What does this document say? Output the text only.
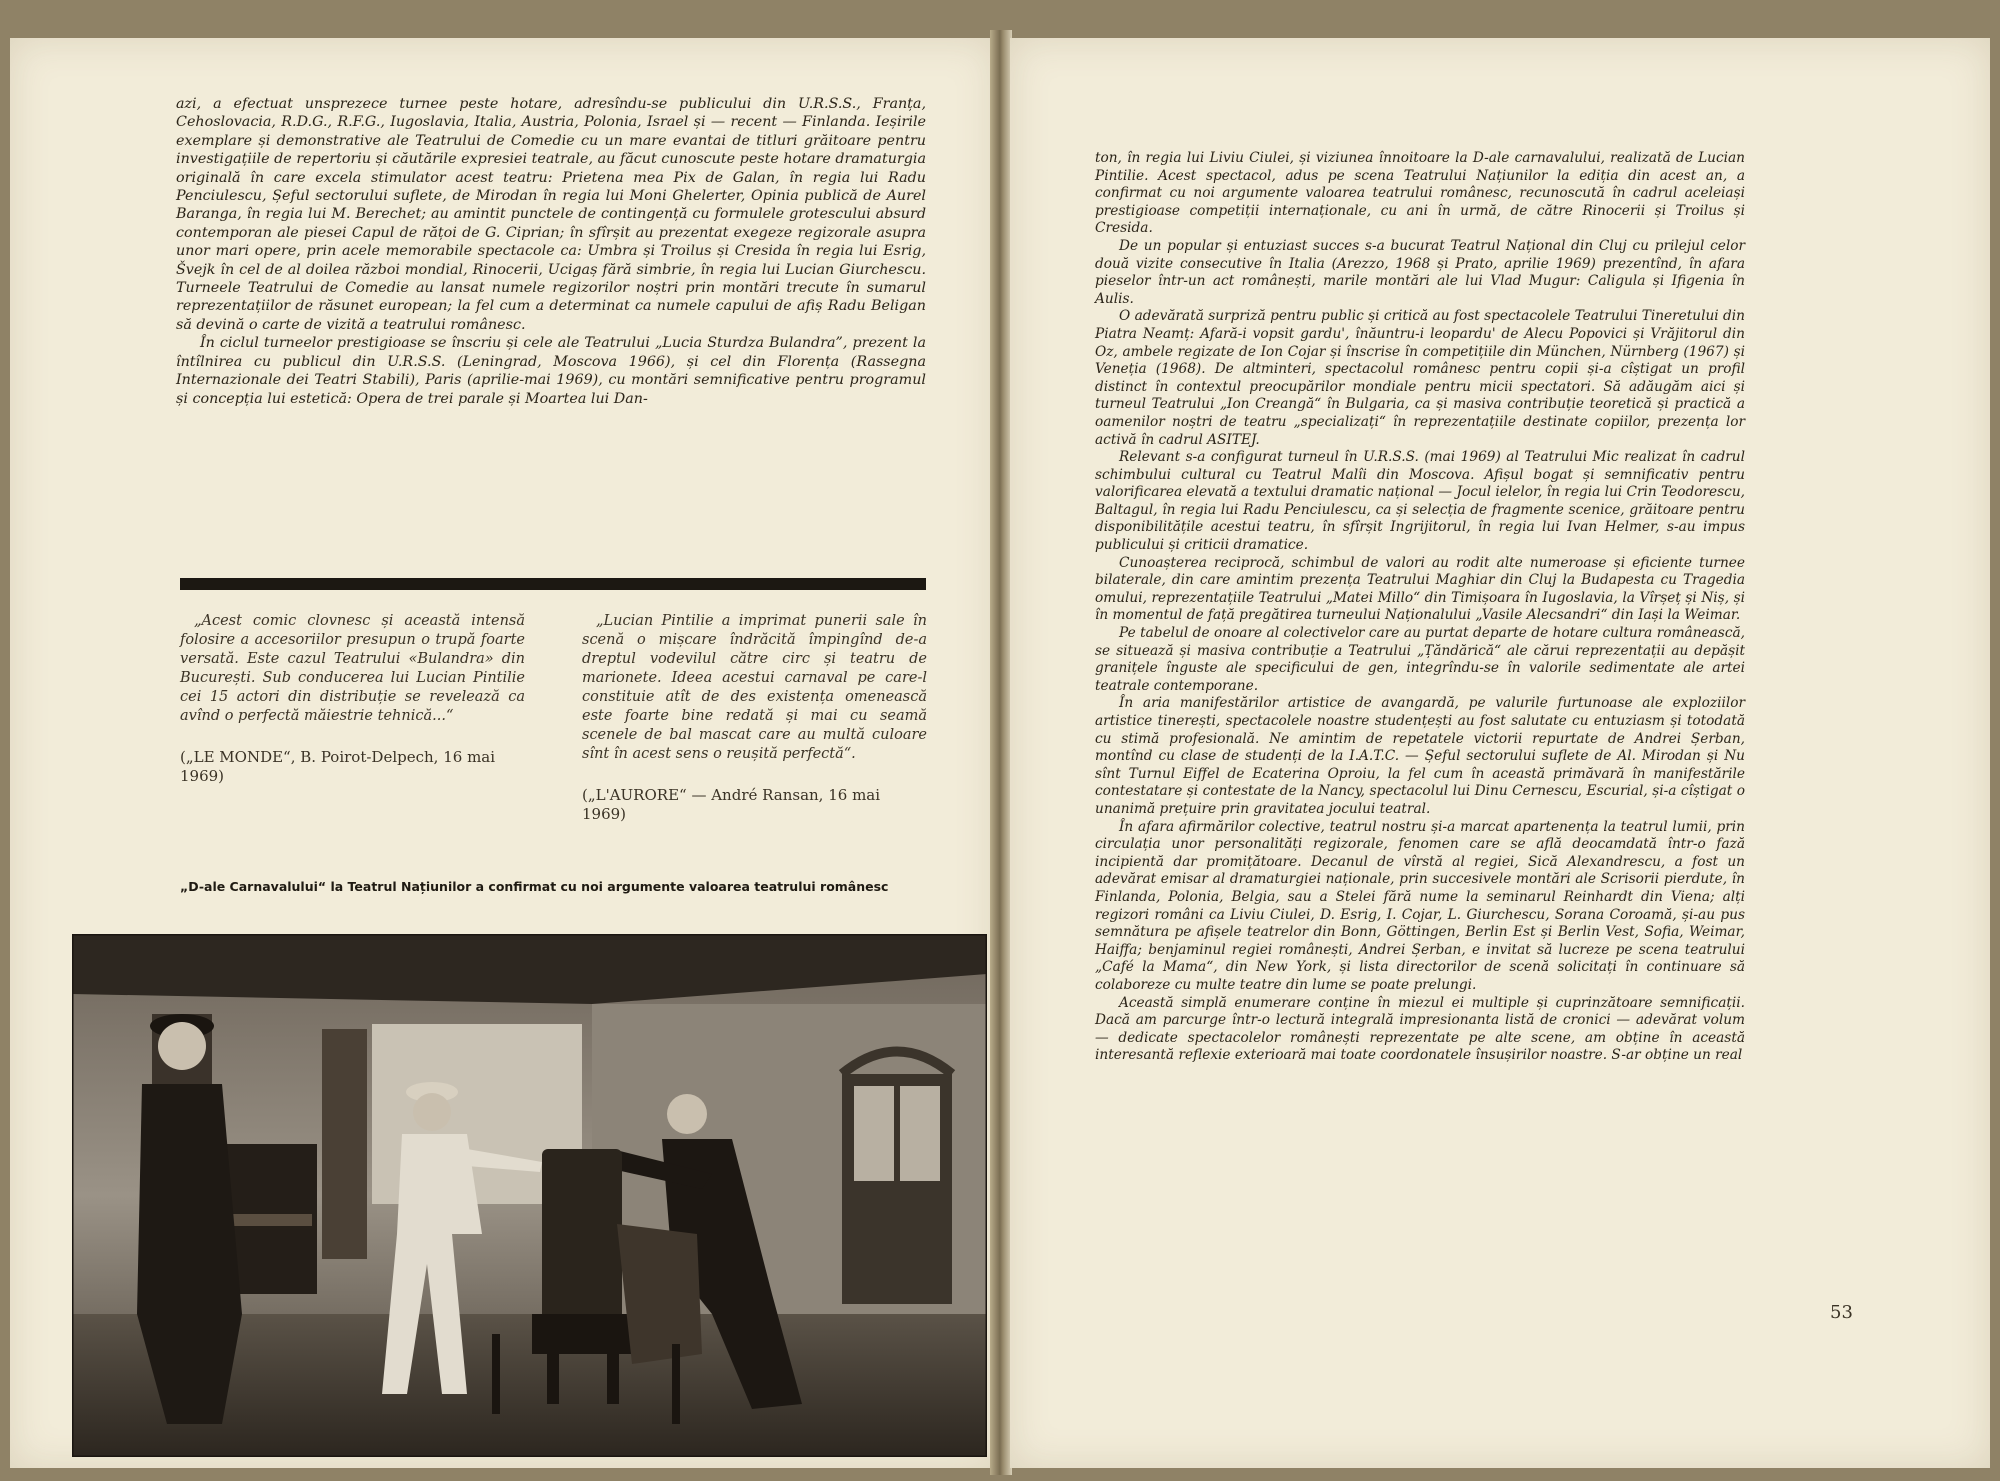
azi, a efectuat unsprezece turnee peste hotare, adresîndu-se publicului din U.R.S.S., Franța, Cehoslovacia, R.D.G., R.F.G., Iugoslavia, Italia, Austria, Polonia, Israel și — recent — Finlanda. Ieșirile exemplare și demonstrative ale Teatrului de Comedie cu un mare evantai de titluri grăitoare pentru investigațiile de repertoriu și căutările expresiei teatrale, au făcut cunoscute peste hotare dramaturgia originală în care excela stimulator acest teatru: Prietena mea Pix de Galan, în regia lui Radu Penciulescu, Șeful sectorului suflete, de Mirodan în regia lui Moni Ghelerter, Opinia publică de Aurel Baranga, în regia lui M. Berechet; au amintit punctele de contingență cu formulele grotescului absurd contemporan ale piesei Capul de rățoi de G. Ciprian; în sfîrșit au prezentat exegeze regizorale asupra unor mari opere, prin acele memorabile spectacole ca: Umbra și Troilus și Cresida în regia lui Esrig, Švejk în cel de al doilea război mondial, Rinocerii, Ucigaș fără simbrie, în regia lui Lucian Giurchescu. Turneele Teatrului de Comedie au lansat numele regizorilor noștri prin montări trecute în sumarul reprezentațiilor de răsunet european; la fel cum a determinat ca numele capului de afiș Radu Beligan să devină o carte de vizită a teatrului românesc.

În ciclul turneelor prestigioase se înscriu și cele ale Teatrului „Lucia Sturdza Bulandra”, prezent la întîlnirea cu publicul din U.R.S.S. (Leningrad, Moscova 1966), și cel din Florența (Rassegna Internazionale dei Teatri Stabili), Paris (aprilie-mai 1969), cu montări semnificative pentru programul și concepția lui estetică: Opera de trei parale și Moartea lui Dan-

„Acest comic clovnesc și această intensă folosire a accesoriilor presupun o trupă foarte versată. Este cazul Teatrului «Bulandra» din București. Sub conducerea lui Lucian Pintilie cei 15 actori din distribuție se revelează ca avînd o perfectă măiestrie tehnică...“

(„LE MONDE“, B. Poirot-Delpech, 16 mai 1969)

„Lucian Pintilie a imprimat punerii sale în scenă o mișcare îndrăcită împingînd de-a dreptul vodevilul către circ și teatru de marionete. Ideea acestui carnaval pe care-l constituie atît de des existența omenească este foarte bine redată și mai cu seamă scenele de bal mascat care au multă culoare sînt în acest sens o reușită perfectă“.

(„L'AURORE“ — André Ransan, 16 mai 1969)
„D-ale Carnavalului“ la Teatrul Națiunilor a confirmat cu noi argumente valoarea teatrului românesc

ton, în regia lui Liviu Ciulei, și viziunea înnoitoare la D-ale carnavalului, realizată de Lucian Pintilie. Acest spectacol, adus pe scena Teatrului Națiunilor la ediția din acest an, a confirmat cu noi argumente valoarea teatrului românesc, recunoscută în cadrul aceleiași prestigioase competiții internaționale, cu ani în urmă, de către Rinocerii și Troilus și Cresida.

De un popular și entuziast succes s-a bucurat Teatrul Național din Cluj cu prilejul celor două vizite consecutive în Italia (Arezzo, 1968 și Prato, aprilie 1969) prezentînd, în afara pieselor într-un act românești, marile montări ale lui Vlad Mugur: Caligula și Ifigenia în Aulis.

O adevărată surpriză pentru public și critică au fost spectacolele Teatrului Tineretului din Piatra Neamț: Afară-i vopsit gardu', înăuntru-i leopardu' de Alecu Popovici și Vrăjitorul din Oz, ambele regizate de Ion Cojar și înscrise în competițiile din München, Nürnberg (1967) și Veneția (1968). De altminteri, spectacolul românesc pentru copii și-a cîștigat un profil distinct în contextul preocupărilor mondiale pentru micii spectatori. Să adăugăm aici și turneul Teatrului „Ion Creangă“ în Bulgaria, ca și masiva contribuție teoretică și practică a oamenilor noștri de teatru „specializați“ în reprezentațiile destinate copiilor, prezența lor activă în cadrul ASITEJ.

Relevant s-a configurat turneul în U.R.S.S. (mai 1969) al Teatrului Mic realizat în cadrul schimbului cultural cu Teatrul Malîi din Moscova. Afișul bogat și semnificativ pentru valorificarea elevată a textului dramatic național — Jocul ielelor, în regia lui Crin Teodorescu, Baltagul, în regia lui Radu Penciulescu, ca și selecția de fragmente scenice, grăitoare pentru disponibilitățile acestui teatru, în sfîrșit Ingrijitorul, în regia lui Ivan Helmer, s-au impus publicului și criticii dramatice.

Cunoașterea reciprocă, schimbul de valori au rodit alte numeroase și eficiente turnee bilaterale, din care amintim prezența Teatrului Maghiar din Cluj la Budapesta cu Tragedia omului, reprezentațiile Teatrului „Matei Millo“ din Timișoara în Iugoslavia, la Vîrșeț și Niș, și în momentul de față pregătirea turneului Naționalului „Vasile Alecsandri“ din Iași la Weimar.

Pe tabelul de onoare al colectivelor care au purtat departe de hotare cultura românească, se situează și masiva contribuție a Teatrului „Țăndărică“ ale cărui reprezentații au depășit granițele înguste ale specificului de gen, integrîndu-se în valorile sedimentate ale artei teatrale contemporane.

În aria manifestărilor artistice de avangardă, pe valurile furtunoase ale exploziilor artistice tinerești, spectacolele noastre studențești au fost salutate cu entuziasm și totodată cu stimă profesională. Ne amintim de repetatele victorii repurtate de Andrei Șerban, montînd cu clase de studenți de la I.A.T.C. — Șeful sectorului suflete de Al. Mirodan și Nu sînt Turnul Eiffel de Ecaterina Oproiu, la fel cum în această primăvară în manifestările contestatare și contestate de la Nancy, spectacolul lui Dinu Cernescu, Escurial, și-a cîștigat o unanimă prețuire prin gravitatea jocului teatral.

În afara afirmărilor colective, teatrul nostru și-a marcat apartenența la teatrul lumii, prin circulația unor personalități regizorale, fenomen care se află deocamdată într-o fază incipientă dar promițătoare. Decanul de vîrstă al regiei, Sică Alexandrescu, a fost un adevărat emisar al dramaturgiei naționale, prin succesivele montări ale Scrisorii pierdute, în Finlanda, Polonia, Belgia, sau a Stelei fără nume la seminarul Reinhardt din Viena; alți regizori români ca Liviu Ciulei, D. Esrig, I. Cojar, L. Giurchescu, Sorana Coroamă, și-au pus semnătura pe afișele teatrelor din Bonn, Göttingen, Berlin Est și Berlin Vest, Sofia, Weimar, Haiffa; benjaminul regiei românești, Andrei Șerban, e invitat să lucreze pe scena teatrului „Café la Mama“, din New York, și lista directorilor de scenă solicitați în continuare să colaboreze cu multe teatre din lume se poate prelungi.

Această simplă enumerare conține în miezul ei multiple și cuprinzătoare semnificații. Dacă am parcurge într-o lectură integrală impresionanta listă de cronici — adevărat volum — dedicate spectacolelor românești reprezentate pe alte scene, am obține în această interesantă reflexie exterioară mai toate coordonatele însușirilor noastre. S-ar obține un real

53
